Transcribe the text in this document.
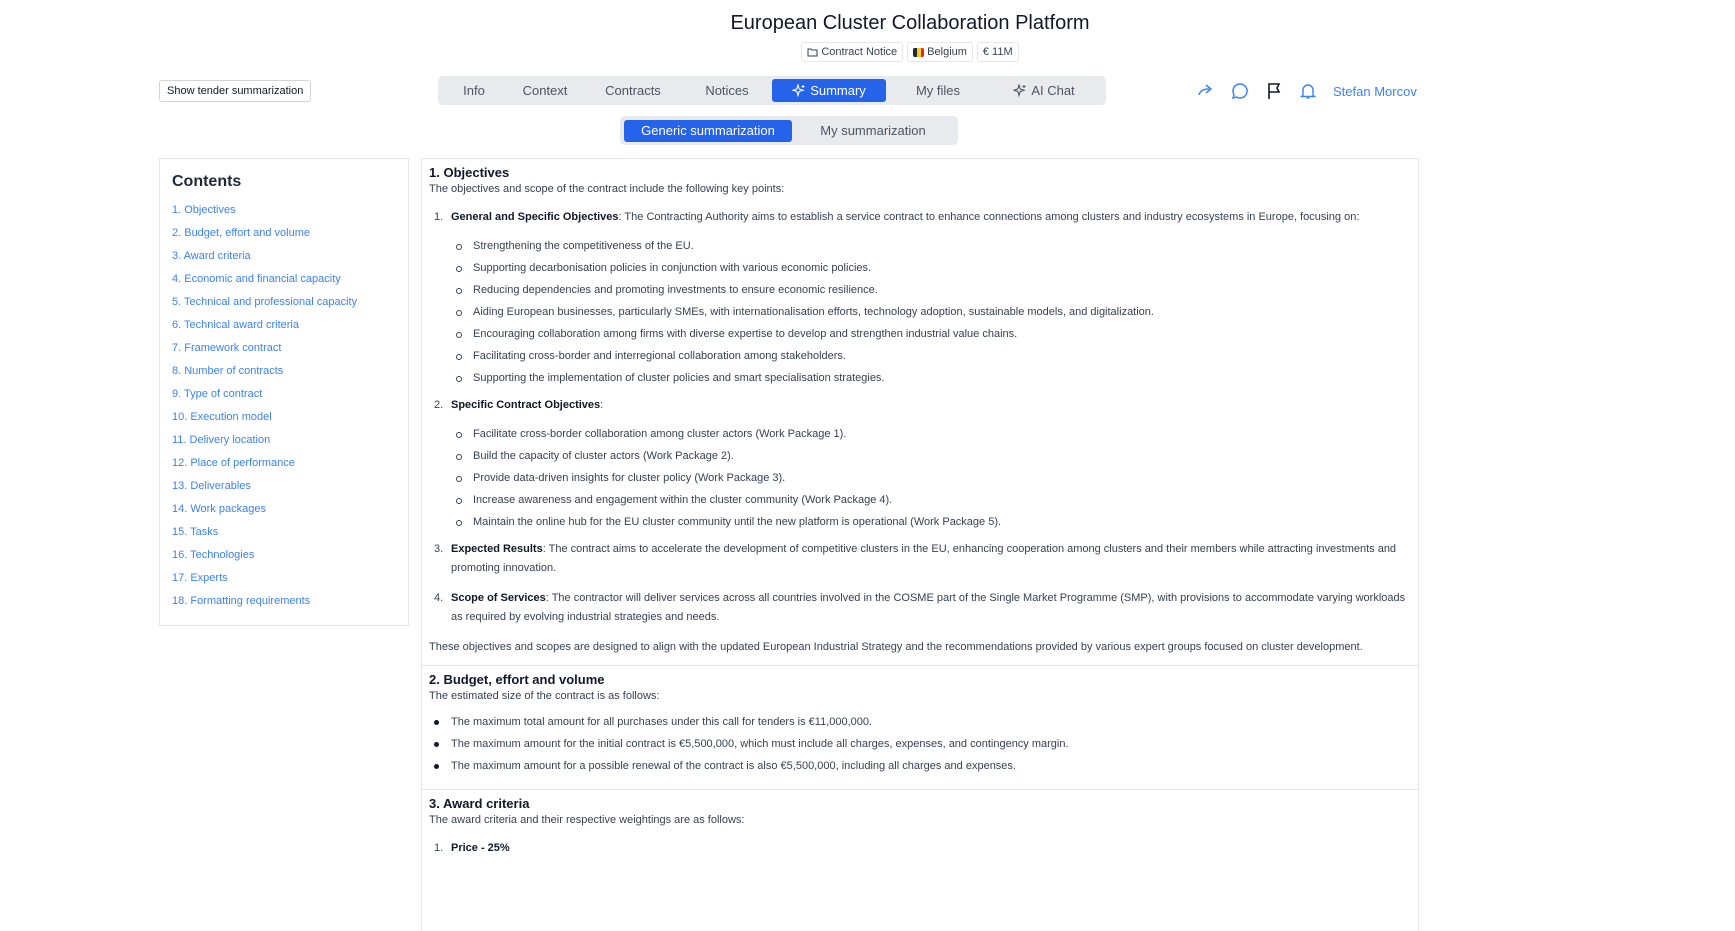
European Cluster Collaboration Platform
Contract Notice	Belgium € 11M
Show tender summarization	Info	Context	Contracts	Notices	Summary	My files	AI Chat	Stefan Morcov
Generic summarization	My summarization
Contents
1. Objectives
2. Budget, effort and volume
3. Award criteria
4. Economic and financial capacity
5. Technical and professional capacity
6. Technical award criteria
7. Framework contract
8. Number of contracts
9. Type of contract
10. Execution model
11. Delivery location
12. Place of performance
13. Deliverables
14. Work packages
15. Tasks
16. Technologies
17. Experts
18. Formatting requirements
1. Objectives
The objectives and scope of the contract include the following key points:
1. General and Specific Objectives: The Contracting Authority aims to establish a service contract to enhance connections among clusters and industry ecosystems in Europe, focusing on:
Strengthening the competitiveness of the EU.
Supporting decarbonisation policies in conjunction with various economic policies.
Reducing dependencies and promoting investments to ensure economic resilience.
Aiding European businesses, particularly SMEs, with internationalisation efforts, technology adoption, sustainable models, and digitalization.
Encouraging collaboration among firms with diverse expertise to develop and strengthen industrial value chains.
Facilitating cross-border and interregional collaboration among stakeholders.
Supporting the implementation of cluster policies and smart specialisation strategies.
2. Specific Contract Objectives:
Facilitate cross-border collaboration among cluster actors (Work Package 1).
Build the capacity of cluster actors (Work Package 2).
Provide data-driven insights for cluster policy (Work Package 3).
Increase awareness and engagement within the cluster community (Work Package 4).
Maintain the online hub for the EU cluster community until the new platform is operational (Work Package 5).
3. Expected Results: The contract aims to accelerate the development of competitive clusters in the EU, enhancing cooperation among clusters and their members while attracting investments and promoting innovation.
4. Scope of Services: The contractor will deliver services across all countries involved in the COSME part of the Single Market Programme (SMP), with provisions to accommodate varying workloads as required by evolving industrial strategies and needs.
These objectives and scopes are designed to align with the updated European Industrial Strategy and the recommendations provided by various expert groups focused on cluster development.
2. Budget, effort and volume
The estimated size of the contract is as follows:
The maximum total amount for all purchases under this call for tenders is €11,000,000.
The maximum amount for the initial contract is €5,500,000, which must include all charges, expenses, and contingency margin.
The maximum amount for a possible renewal of the contract is also €5,500,000, including all charges and expenses.
3. Award criteria
The award criteria and their respective weightings are as follows:
1. Price - 25%
